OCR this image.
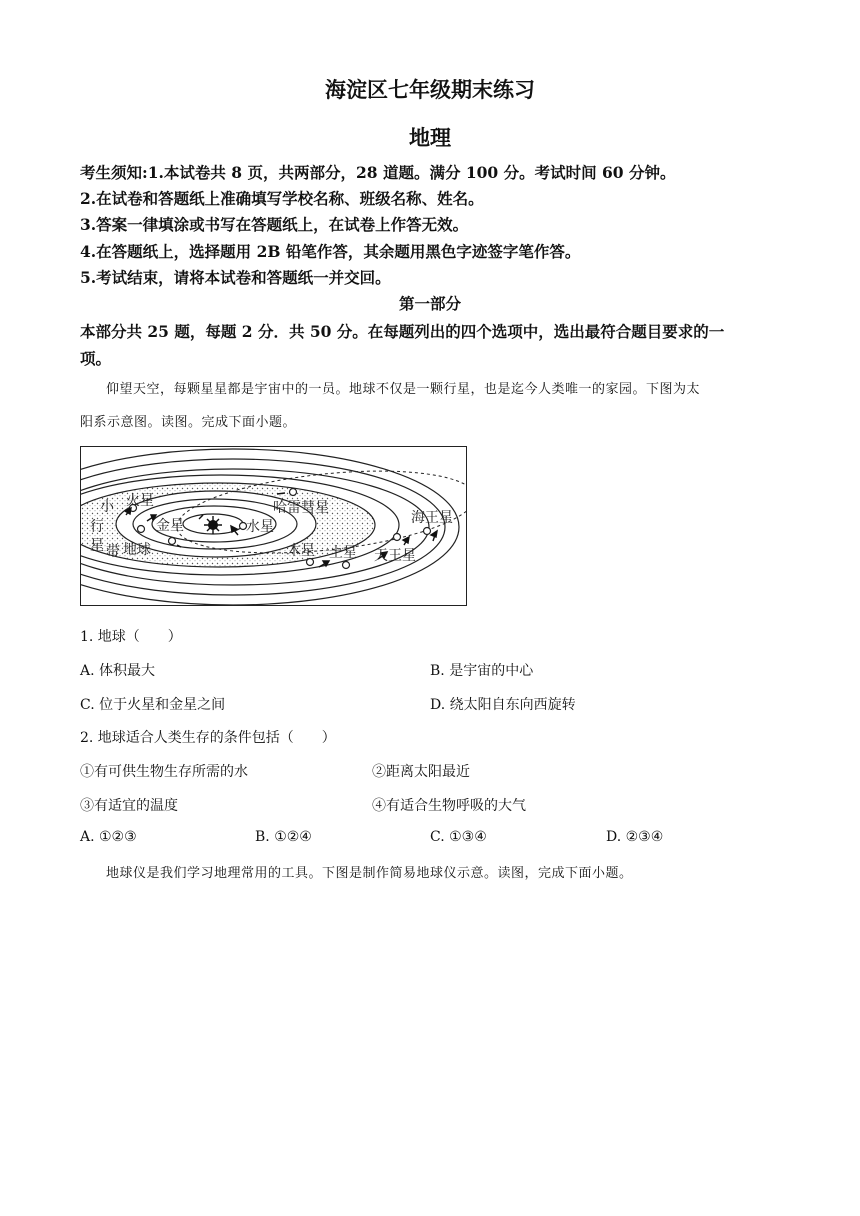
海淀区七年级期末练习
地理
考生须知:1.本试卷共 8 页，共两部分，28 道题。满分 100 分。考试时间 60 分钟。
2.在试卷和答题纸上准确填写学校名称、班级名称、姓名。
3.答案一律填涂或书写在答题纸上，在试卷上作答无效。
4.在答题纸上，选择题用 2B 铅笔作答，其余题用黑色字迹签字笔作答。
5.考试结束，请将本试卷和答题纸一并交回。
第一部分
本部分共 25 题，每题 2 分．共 50 分。在每题列出的四个选项中，选出最符合题目要求的一
项。
仰望天空，每颗星星都是宇宙中的一员。地球不仅是一颗行星，也是迄今人类唯一的家园。下图为太
阳系示意图。读图。完成下面小题。
火星
金星
地球
水星
哈雷彗星
海王星
木星 土星 天王星
小
行
星 带
1. 地球（　　）
A. 体积最大	B. 是宇宙的中心
C. 位于火星和金星之间	D. 绕太阳自东向西旋转
2. 地球适合人类生存的条件包括（　　）
①有可供生物生存所需的水	②距离太阳最近
③有适宜的温度	④有适合生物呼吸的大气
A. ①②③	B. ①②④	C. ①③④	D. ②③④
地球仪是我们学习地理常用的工具。下图是制作简易地球仪示意。读图，完成下面小题。
